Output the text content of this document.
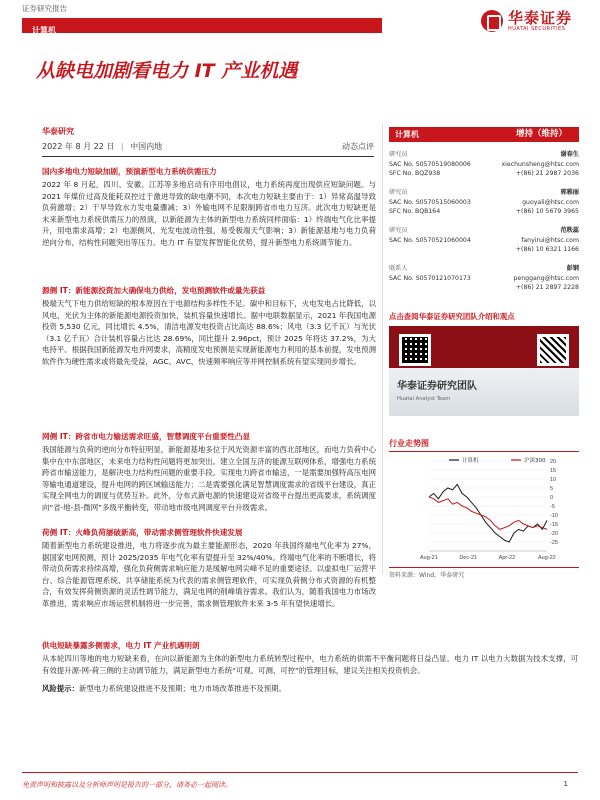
证券研究报告
计算机
华泰证券
HUATAI SECURITIES
从缺电加剧看电力 IT 产业机遇
华泰研究
2022 年 8 月 22 日 | 中国内地	动态点评
国内多地电力短缺加剧，预演新型电力系统供需压力
2022 年 8 月起，四川、安徽、江苏等多地启动有序用电倡议，电力系统再度出现供应短缺问题。与 2021 年煤价过高及能耗双控过于激进导致的缺电潮不同，本次电力短缺主要由于：1）异常高温导致负荷激增；2）干旱导致水力发电量骤减；3）外输电网不足限制跨省市电力互济。此次电力短缺更是未来新型电力系统供需压力的预演，以新能源为主体的新型电力系统同样面临：1）终端电气化比率提升，用电需求高增；2）电源侧风、光发电波动性强，易受极端天气影响；3）新能源基地与电力负荷逆向分布，结构性问题突出等压力。电力 IT 有望发挥智能化优势，提升新型电力系统调节能力。
源侧 IT：新能源投资加大确保电力供给，发电预测软件或量先获益
极端天气下电力供给短缺的根本原因在于电源结构多样性不足。碳中和目标下，火电发电占比降低，以风电、光伏为主体的新能源电源投资加快，装机容量快速增长。据中电联数据显示，2021 年我国电源投资 5,530 亿元，同比增长 4.5%，清洁电源发电投资占比高达 88.6%；风电（3.3 亿千瓦）与光伏（3.1 亿千瓦）合计装机容量占比达 28.69%，同比提升 2.96pct，预计 2025 年将达 37.2%，为大电持平。根据我国新能源发电并网要求，高精度发电预测是实现新能源电力利用的基本前提，发电预测软件作为硬性需求或将最先受益，AGC、AVC、快速频率响应等并网控制系统有望实现同步增长。
网侧 IT：跨省市电力输送需求旺盛，智慧调度平台重要性凸显
我国能源与负荷的逆向分布特征明显，新能源基地多位于风光资源丰富的西北部地区，而电力负荷中心集中在中东部地区，未来电力结构性问题将更加突出。建立全国互济的能源互联网体系，增强电力系统跨省市输送能力，是解决电力结构性问题的重要手段。实现电力跨省市输送，一是需要加强特高压电网等输电通道建设，提升电网的跨区域输送能力；二是需要强化满足智慧调度需求的省级平台建设，真正实现全网电力的调度与优势互补。此外，分布式新电源的快速建设对省级平台提出更高要求，系统调度向“省-地-县-微网”多级平衡转变，带动地市级电网调度平台升级需求。
荷侧 IT：火峰负荷屡破新高，带动需求侧管理软件快速发展
随着新型电力系统建设推进，电力将逐步成为最主要能源形态，2020 年我国终端电气化率为 27%，据国家电网预测，预计 2025/2035 年电气化率有望提升至 32%/40%。终端电气化率的不断增长，将带动负荷需求持续高增，强化负荷侧需求响应能力是缓解电网尖峰不足的重要途径。以虚拟电厂运营平台、综合能源管理系统、共享储能系统为代表的需求侧管理软件，可实现负荷侧分布式资源的有机整合，有效发挥荷侧资源的灵活性调节能力，满足电网的削峰填谷需求。我们认为，随着我国电力市场改革推进，需求响应市场运营机制将进一步完善，需求侧管理软件未来 3-5 年有望快速增长。
供电短缺暴露多侧需求，电力 IT 产业机遇明朗
从本轮四川等地的电力短缺来看，在向以新能源为主体的新型电力系统转型过程中，电力系统的供需不平衡问题将日益凸显。电力 IT 以电力大数据为技术支撑，可有效提升源-网-荷三侧的主动调节能力，满足新型电力系统“可观、可测、可控”的管理目标，建议关注相关投资机会。
风险提示：新型电力系统建设推进不及预期；电力市场改革推进不及预期。
计算机	增持（维持）
研究员	谢春生
SAC No. S0570519080006	xiechunsheng@htsc.com
SFC No. BQZ938	+(86) 21 2987 2036
研究员	郭雅丽
SAC No. S0570515060003	guoyali@htsc.com
SFC No. BQB164	+(86) 10 5679 3965
研究员	范昳蕊
SAC No. S0570521060004	fanyirui@htsc.com
+(86) 10 6321 1166
联系人	彭钢
SAC No. S0570121070173	penggang@htsc.com
+(86) 21 2897 2228
点击查阅华泰证券研究团队介绍和观点
华泰证券研究团队
Huatai Analyst Team
行业走势图
20
15
10
5
0
-5
-10
-15
-20
-25
Aug-21	Dec-21	Apr-22	Aug-22
计算机	沪深300
资料来源：Wind，华泰研究
免责声明和披露以及分析师声明是报告的一部分，请务必一起阅读。	1
